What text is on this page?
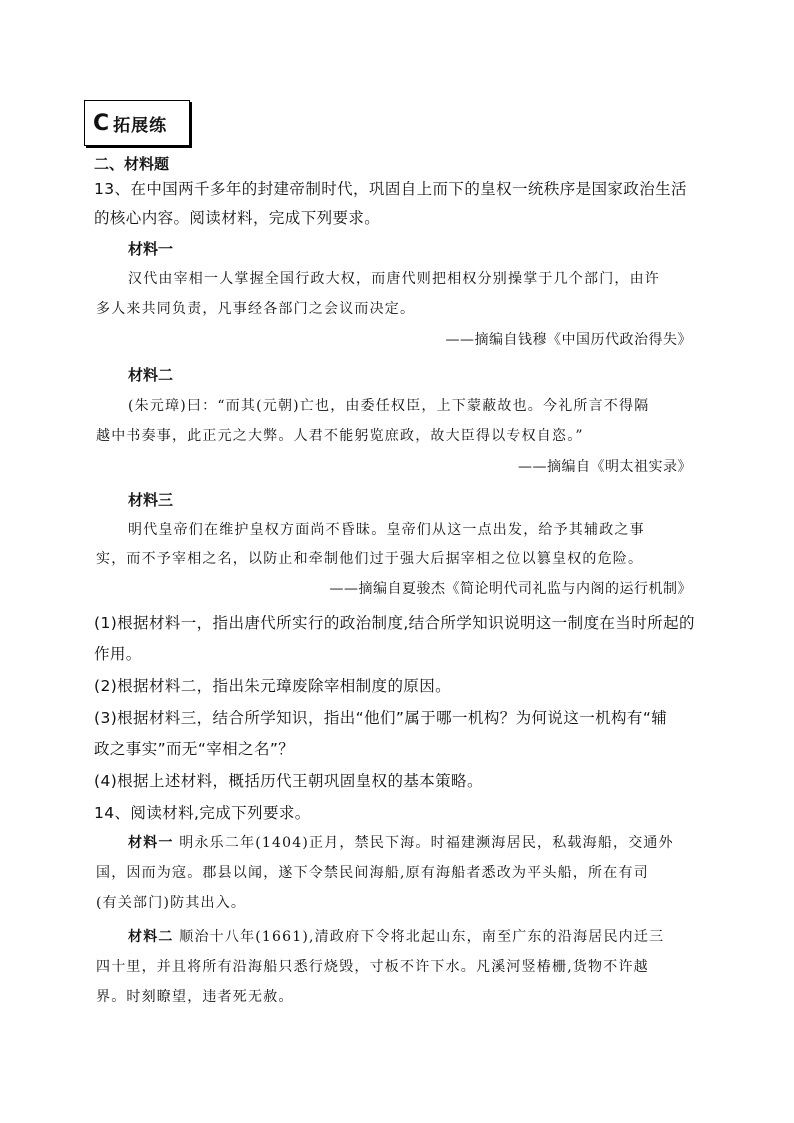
C 拓展练
二、材料题
13、在中国两千多年的封建帝制时代，巩固自上而下的皇权一统秩序是国家政治生活
的核心内容。阅读材料，完成下列要求。
材料一
汉代由宰相一人掌握全国行政大权，而唐代则把相权分别操掌于几个部门，由许
多人来共同负责，凡事经各部门之会议而决定。
——摘编自钱穆《中国历代政治得失》
材料二
(朱元璋)曰：“而其(元朝)亡也，由委任权臣，上下蒙蔽故也。今礼所言不得隔
越中书奏事，此正元之大弊。人君不能躬览庶政，故大臣得以专权自恣。”
——摘编自《明太祖实录》
材料三
明代皇帝们在维护皇权方面尚不昏昧。皇帝们从这一点出发，给予其辅政之事
实，而不予宰相之名，以防止和牵制他们过于强大后据宰相之位以篡皇权的危险。
——摘编自夏骏杰《简论明代司礼监与内阁的运行机制》
(1)根据材料一，指出唐代所实行的政治制度,结合所学知识说明这一制度在当时所起的
作用。
(2)根据材料二，指出朱元璋废除宰相制度的原因。
(3)根据材料三，结合所学知识，指出“他们”属于哪一机构？为何说这一机构有“辅
政之事实”而无“宰相之名”？
(4)根据上述材料，概括历代王朝巩固皇权的基本策略。
14、阅读材料,完成下列要求。
材料一 明永乐二年(1404)正月，禁民下海。时福建濒海居民，私载海船，交通外
国，因而为寇。郡县以闻，遂下令禁民间海船,原有海船者悉改为平头船，所在有司
(有关部门)防其出入。
材料二 顺治十八年(1661),清政府下令将北起山东，南至广东的沿海居民内迁三
四十里，并且将所有沿海船只悉行烧毁，寸板不许下水。凡溪河竖椿栅,货物不许越
界。时刻瞭望，违者死无赦。
